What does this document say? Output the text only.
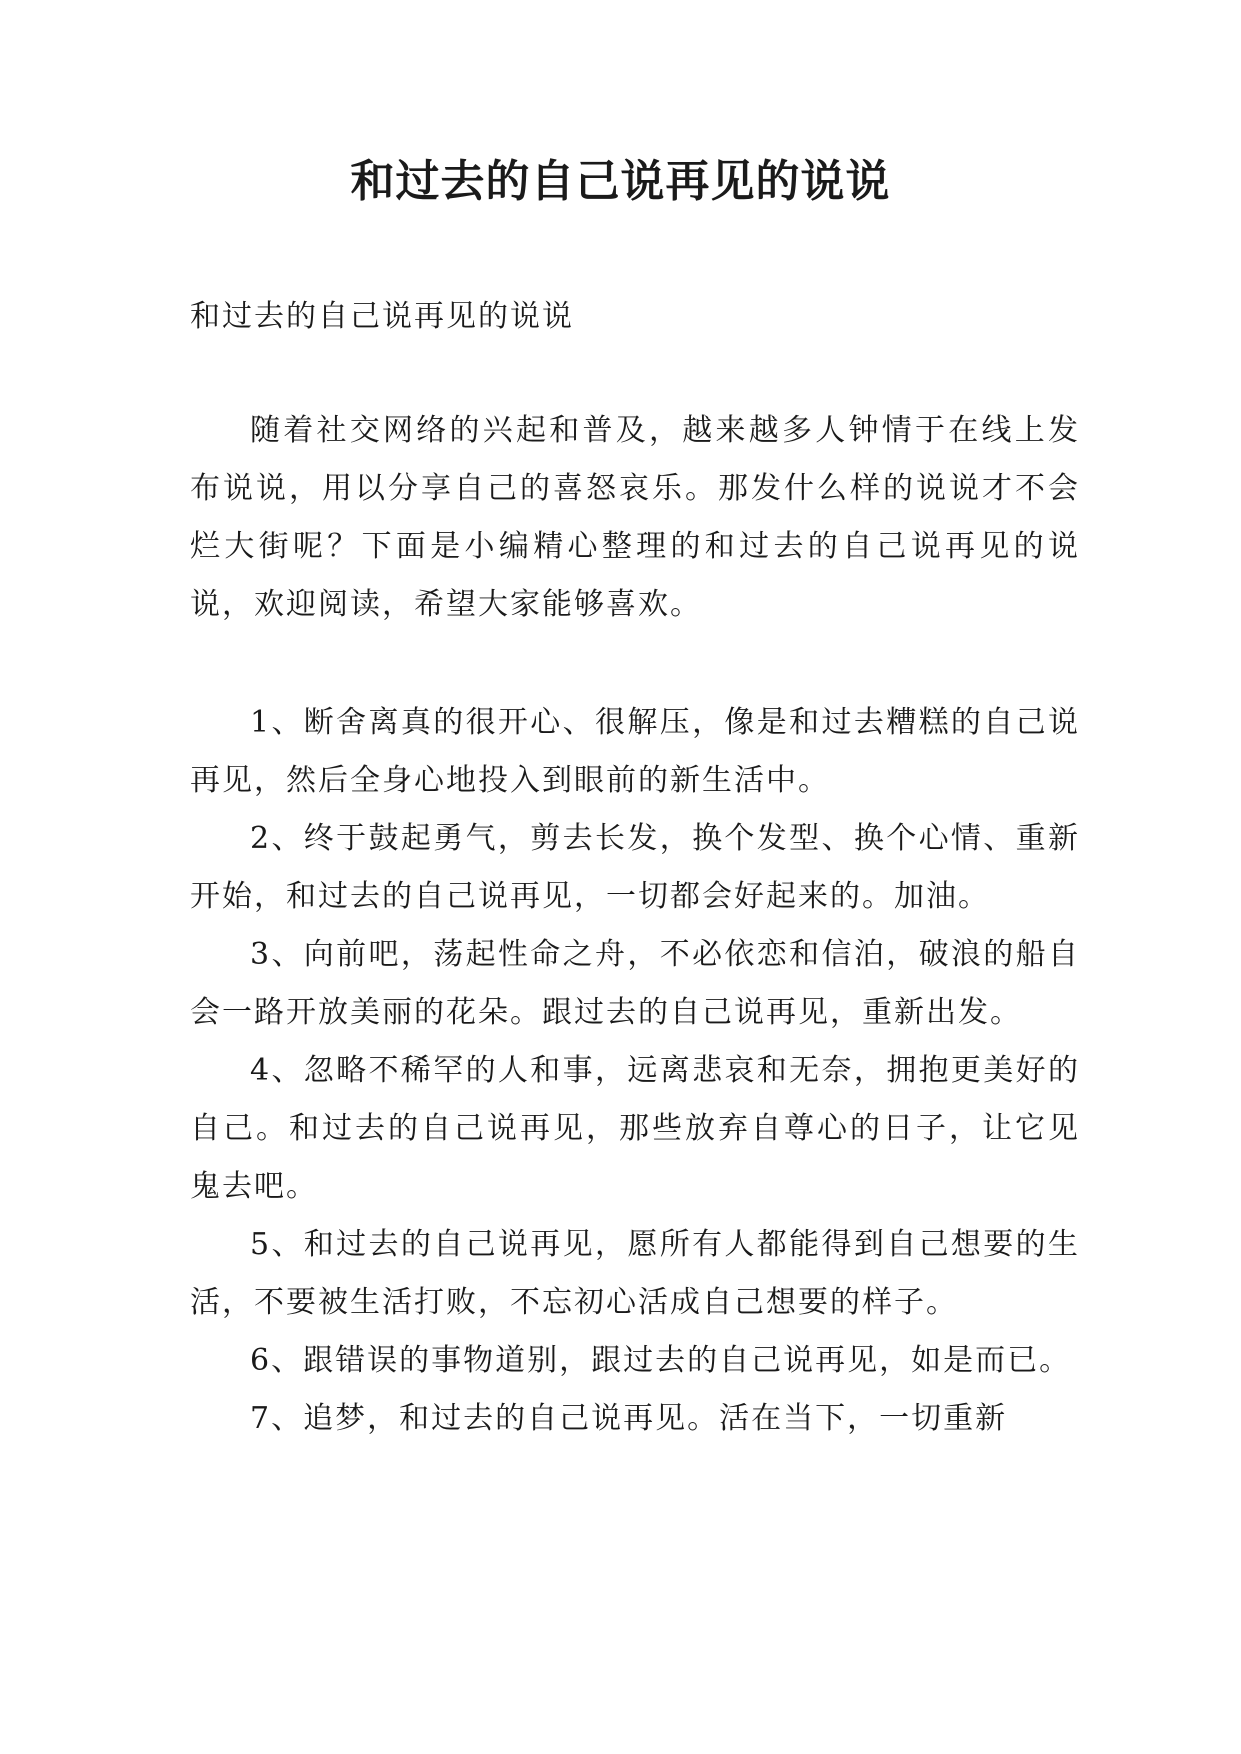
和过去的自己说再见的说说

和过去的自己说再见的说说

随着社交网络的兴起和普及，越来越多人钟情于在线上发布说说，用以分享自己的喜怒哀乐。那发什么样的说说才不会烂大街呢？下面是小编精心整理的和过去的自己说再见的说说，欢迎阅读，希望大家能够喜欢。

1、断舍离真的很开心、很解压，像是和过去糟糕的自己说再见，然后全身心地投入到眼前的新生活中。

2、终于鼓起勇气，剪去长发，换个发型、换个心情、重新开始，和过去的自己说再见，一切都会好起来的。加油。

3、向前吧，荡起性命之舟，不必依恋和信泊，破浪的船自会一路开放美丽的花朵。跟过去的自己说再见，重新出发。

4、忽略不稀罕的人和事，远离悲哀和无奈，拥抱更美好的自己。和过去的自己说再见，那些放弃自尊心的日子，让它见鬼去吧。

5、和过去的自己说再见，愿所有人都能得到自己想要的生活，不要被生活打败，不忘初心活成自己想要的样子。

6、跟错误的事物道别，跟过去的自己说再见，如是而已。

7、追梦，和过去的自己说再见。活在当下，一切重新
